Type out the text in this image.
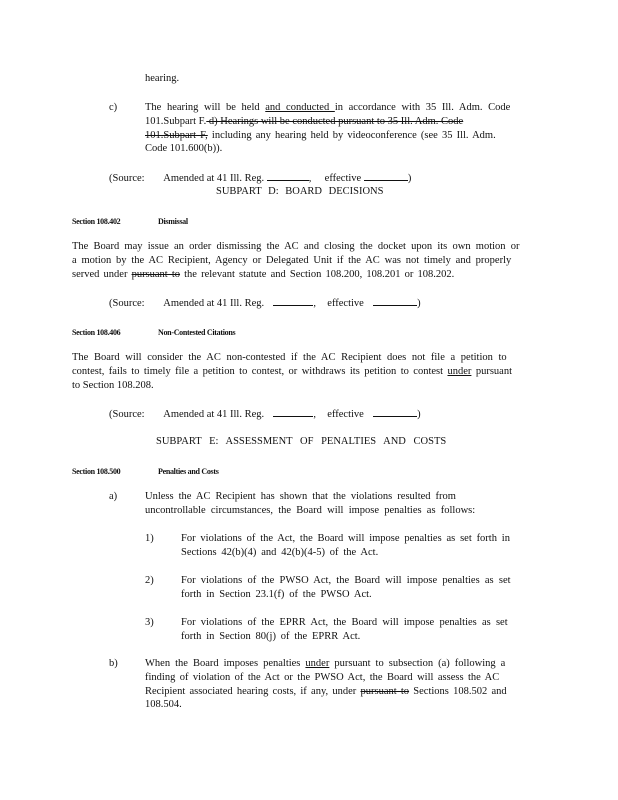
hearing.
c)	The hearing will be held and conducted in accordance with 35 Ill. Adm. Code
101.Subpart F. d) Hearings will be conducted pursuant to 35 Ill. Adm. Code
101.Subpart F, including any hearing held by videoconference (see 35 Ill. Adm.
Code 101.600(b)).
(Source: Amended at 41 Ill. Reg.	,  effective	)
SUBPART D: BOARD DECISIONS
Section 108.402	Dismissal
The Board may issue an order dismissing the AC and closing the docket upon its own motion or
a motion by the AC Recipient, Agency or Delegated Unit if the AC was not timely and properly
served under pursuant to the relevant statute and Section 108.200, 108.201 or 108.202.
(Source: Amended at 41 Ill. Reg.	,  effective	)
Section 108.406	Non-Contested Citations
The Board will consider the AC non-contested if the AC Recipient does not file a petition to
contest, fails to timely file a petition to contest, or withdraws its petition to contest under pursuant
to Section 108.208.
(Source: Amended at 41 Ill. Reg.	,  effective	)
SUBPART E: ASSESSMENT OF PENALTIES AND COSTS
Section 108.500	Penalties and Costs
a)	Unless the AC Recipient has shown that the violations resulted from
uncontrollable circumstances, the Board will impose penalties as follows:
1)	For violations of the Act, the Board will impose penalties as set forth in
Sections 42(b)(4) and 42(b)(4-5) of the Act.
2)	For violations of the PWSO Act, the Board will impose penalties as set
forth in Section 23.1(f) of the PWSO Act.
3)	For violations of the EPRR Act, the Board will impose penalties as set
forth in Section 80(j) of the EPRR Act.
b)	When the Board imposes penalties under pursuant to subsection (a) following a
finding of violation of the Act or the PWSO Act, the Board will assess the AC
Recipient associated hearing costs, if any, under pursuant to Sections 108.502 and
108.504.
